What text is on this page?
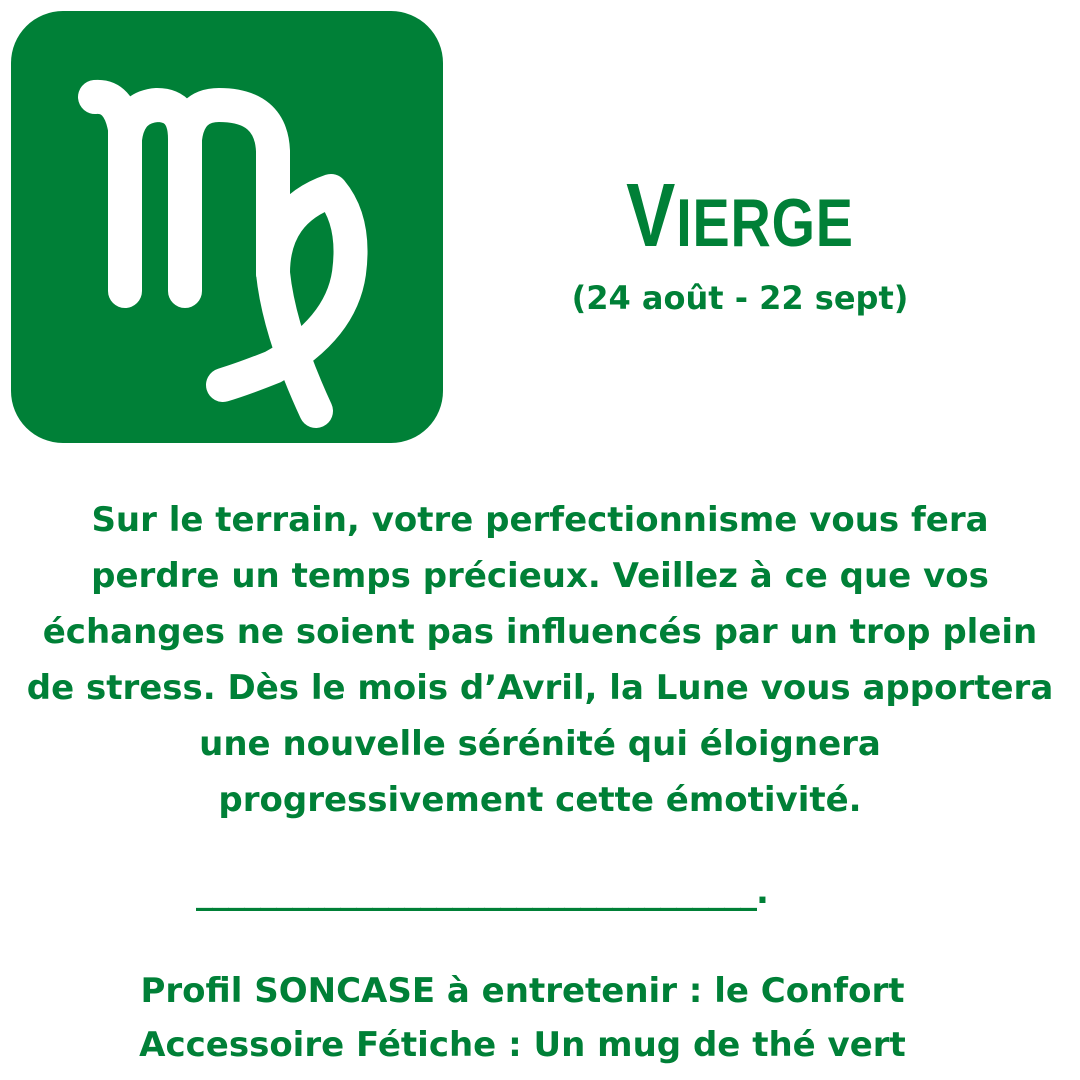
VIERGE
(24 août - 22 sept)
Sur le terrain, votre perfectionnisme vous fera
perdre un temps précieux. Veillez à ce que vos
échanges ne soient pas influencés par un trop plein
de stress. Dès le mois d’Avril, la Lune vous apportera
une nouvelle sérénité qui éloignera
progressivement cette émotivité.
___________________________________.
Profil SONCASE à entretenir : le Confort
Accessoire Fétiche : Un mug de thé vert
